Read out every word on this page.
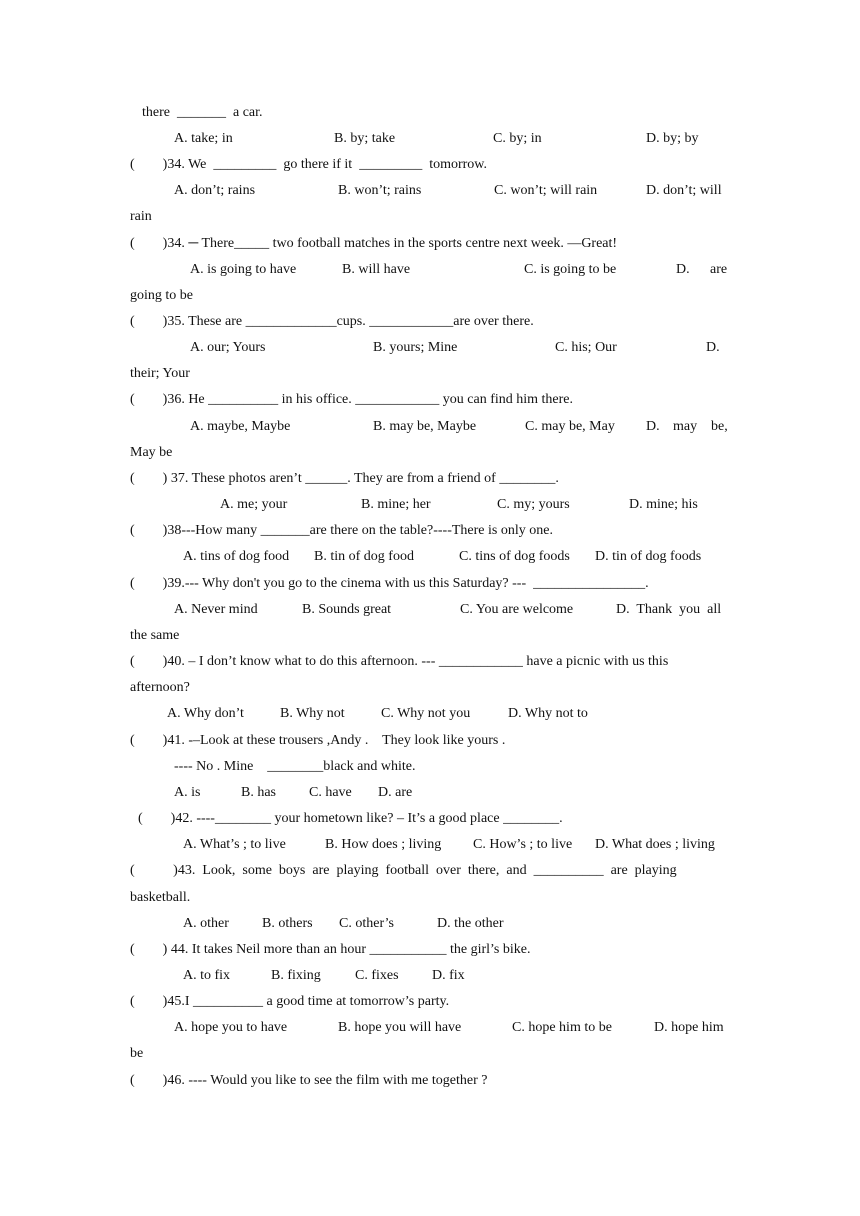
there  _______  a car.
A. take; in	B. by; take	C. by; in	D. by; by
(        )34. We  _________  go there if it  _________  tomorrow.
A. don’t; rains	B. won’t; rains	C. won’t; will rain	D. don’t; will
rain
(        )34. ─ There_____ two football matches in the sports centre next week. —Great!
A. is going to have	B. will have	C. is going to be	D. are
going to be
(        )35. These are _____________cups. ____________are over there.
A. our; Yours	B. yours; Mine	C. his; Our	D.
their; Your
(        )36. He __________ in his office. ____________ you can find him there.
A. maybe, Maybe	B. may be, Maybe	C. may be, May D. may be,
May be
(        ) 37. These photos aren’t ______. They are from a friend of ________.
A. me; your	B. mine; her	C. my; yours	D. mine; his
(        )38---How many _______are there on the table?----There is only one.
A. tins of dog food B. tin of dog food	C. tins of dog foods D. tin of dog foods
(        )39.--- Why don't you go to the cinema with us this Saturday? ---  ________________.
A. Never mind	B. Sounds great	C. You are welcome	D.  Thank  you  all
the same
(        )40. – I don’t know what to do this afternoon. --- ____________ have a picnic with us this
afternoon?
A. Why don’t	B. Why not	C. Why not you	D. Why not to
(        )41. -–Look at these trousers ,Andy .    They look like yours .
---- No . Mine    ________black and white.
A. is	B. has C. have D. are
(        )42. ----________ your hometown like? – It’s a good place ________.
A. What’s ; to live	B. How does ; living C. How’s ; to live D. What does ; living
(           )43.  Look,  some  boys  are  playing  football  over  there,  and  __________  are  playing
basketball.
A. other B. others C. other’s	D. the other
(        ) 44. It takes Neil more than an hour ___________ the girl’s bike.
A. to fix	B. fixing C. fixes D. fix
(        )45.I __________ a good time at tomorrow’s party.
A. hope you to have	B. hope you will have	C. hope him to be	D. hope him
be
(        )46. ---- Would you like to see the film with me together ?
